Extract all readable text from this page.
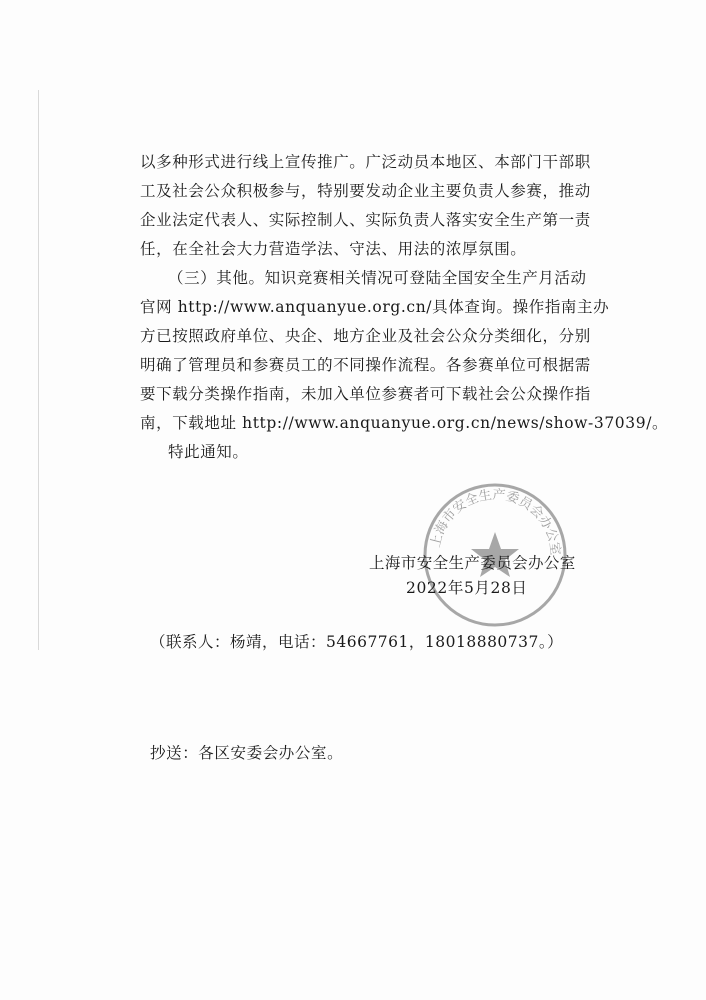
以多种形式进行线上宣传推广。广泛动员本地区、本部门干部职
工及社会公众积极参与，特别要发动企业主要负责人参赛，推动
企业法定代表人、实际控制人、实际负责人落实安全生产第一责
任，在全社会大力营造学法、守法、用法的浓厚氛围。
（三）其他。知识竞赛相关情况可登陆全国安全生产月活动
官网 http://www.anquanyue.org.cn/具体查询。操作指南主办
方已按照政府单位、央企、地方企业及社会公众分类细化，分别
明确了管理员和参赛员工的不同操作流程。各参赛单位可根据需
要下载分类操作指南，未加入单位参赛者可下载社会公众操作指
南，下载地址 http://www.anquanyue.org.cn/news/show-37039/。
特此通知。
上海市安全生产委员会办公室
上海市安全生产委员会办公室
2022年5月28日
（联系人：杨靖，电话：54667761，18018880737。）
抄送：各区安委会办公室。
